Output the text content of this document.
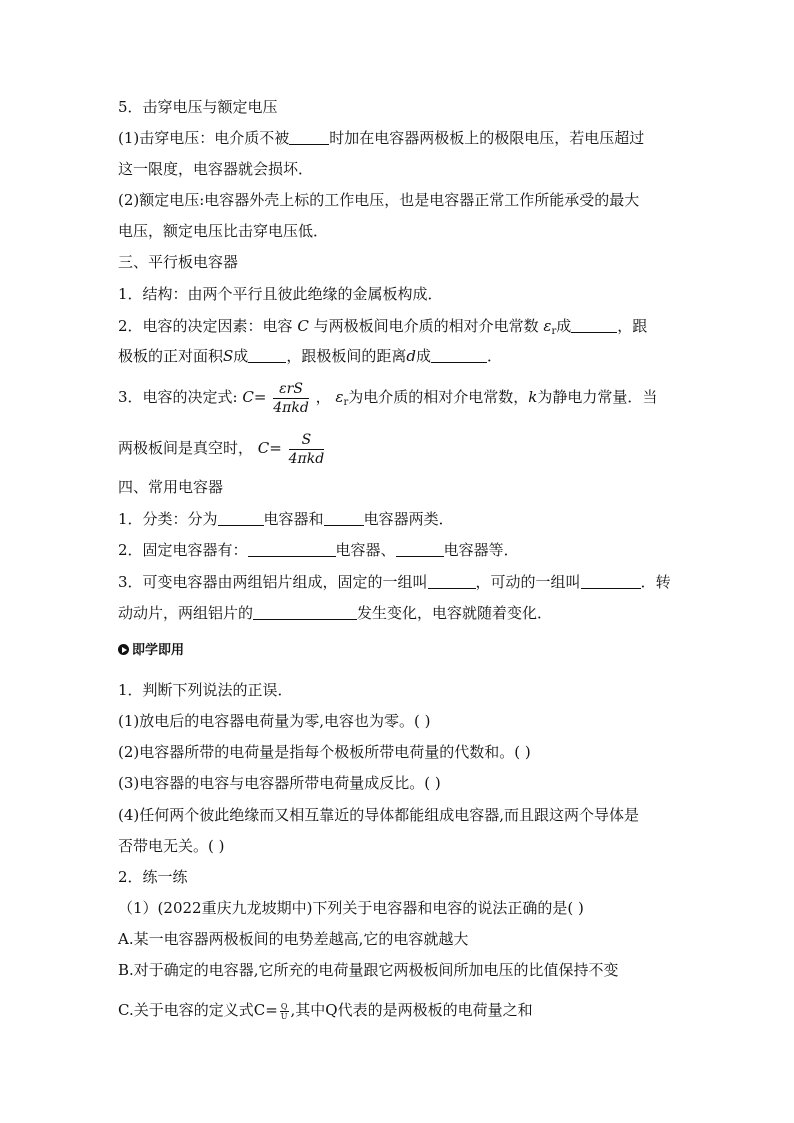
5．击穿电压与额定电压
(1)击穿电压：电介质不被	时加在电容器两极板上的极限电压，若电压超过
这一限度，电容器就会损坏．
(2)额定电压:电容器外壳上标的工作电压，也是电容器正常工作所能承受的最大
电压，额定电压比击穿电压低．
三、平行板电容器
1．结构：由两个平行且彼此绝缘的金属板构成．
2．电容的决定因素：电容 C 与两极板间电介质的相对介电常数 $\varepsilon_r$成	，跟
极板的正对面积S成	，跟极板间的距离d成	．
3．电容的决定式: $C= \frac{\text{εrS}}{\text{4πkd}}$ ， $\varepsilon_r$为电介质的相对介电常数，k为静电力常量．当
两极板间是真空时， $C= \frac{S}{\text{4πkd}}$
四、常用电容器
1．分类：分为	电容器和	电容器两类．
2．固定电容器有：	电容器、	电容器等．
3．可变电容器由两组铝片组成，固定的一组叫	，可动的一组叫	．转
动动片，两组铝片的	发生变化，电容就随着变化．
即学即用
1．判断下列说法的正误．
(1)放电后的电容器电荷量为零,电容也为零。( )
(2)电容器所带的电荷量是指每个极板所带电荷量的代数和。( )
(3)电容器的电容与电容器所带电荷量成反比。( )
(4)任何两个彼此绝缘而又相互靠近的导体都能组成电容器,而且跟这两个导体是
否带电无关。( )
2．练一练
（1）(2022重庆九龙坡期中)下列关于电容器和电容的说法正确的是( )
A.某一电容器两极板间的电势差越高,它的电容就越大
B.对于确定的电容器,它所充的电荷量跟它两极板间所加电压的比值保持不变
C.关于电容的定义式$C= \frac{Q}{U}$ ,其中Q代表的是两极板的电荷量之和
